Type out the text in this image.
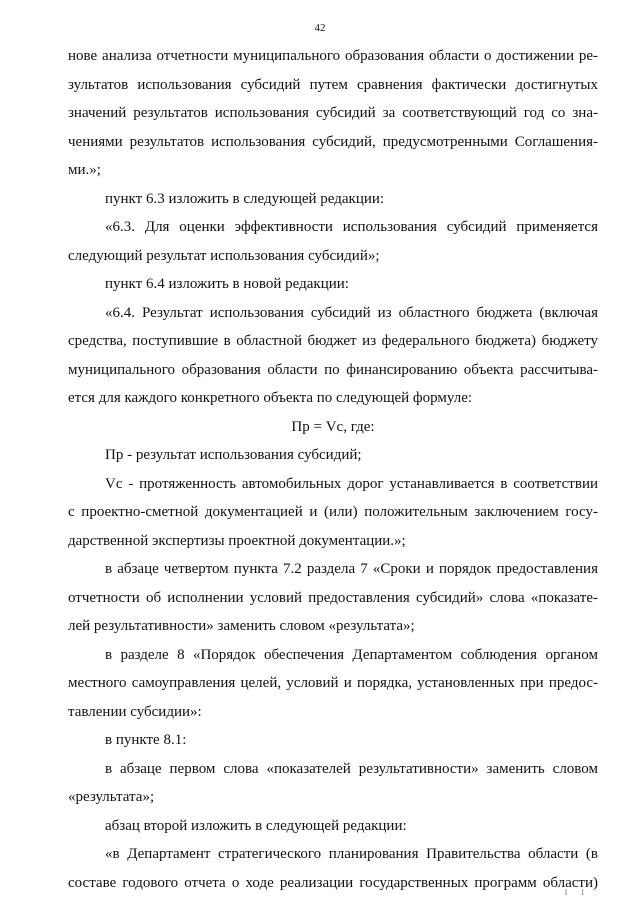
42
нове анализа отчетности муниципального образования области о достижении ре-
зультатов использования субсидий путем сравнения фактически достигнутых
значений результатов использования субсидий за соответствующий год со зна-
чениями результатов использования субсидий, предусмотренными Соглашения-
ми.»;
пункт 6.3 изложить в следующей редакции:
«6.3. Для оценки эффективности использования субсидий применяется
следующий результат использования субсидий»;
пункт 6.4 изложить в новой редакции:
«6.4. Результат использования субсидий из областного бюджета (включая
средства, поступившие в областной бюджет из федерального бюджета) бюджету
муниципального образования области по финансированию объекта рассчитыва-
ется для каждого конкретного объекта по следующей формуле:
Пр = Vc, где:
Пр - результат использования субсидий;
Vc - протяженность автомобильных дорог устанавливается в соответствии
с проектно-сметной документацией и (или) положительным заключением госу-
дарственной экспертизы проектной документации.»;
в абзаце четвертом пункта 7.2 раздела 7 «Сроки и порядок предоставления
отчетности об исполнении условий предоставления субсидий» слова «показате-
лей результативности» заменить словом «результата»;
в разделе 8 «Порядок обеспечения Департаментом соблюдения органом
местного самоуправления целей, условий и порядка, установленных при предос-
тавлении субсидии»:
в пункте 8.1:
в абзаце первом слова «показателей результативности» заменить словом
«результата»;
абзац второй изложить в следующей редакции:
«в Департамент стратегического планирования Правительства области (в
составе годового отчета о ходе реализации государственных программ области)
I I
